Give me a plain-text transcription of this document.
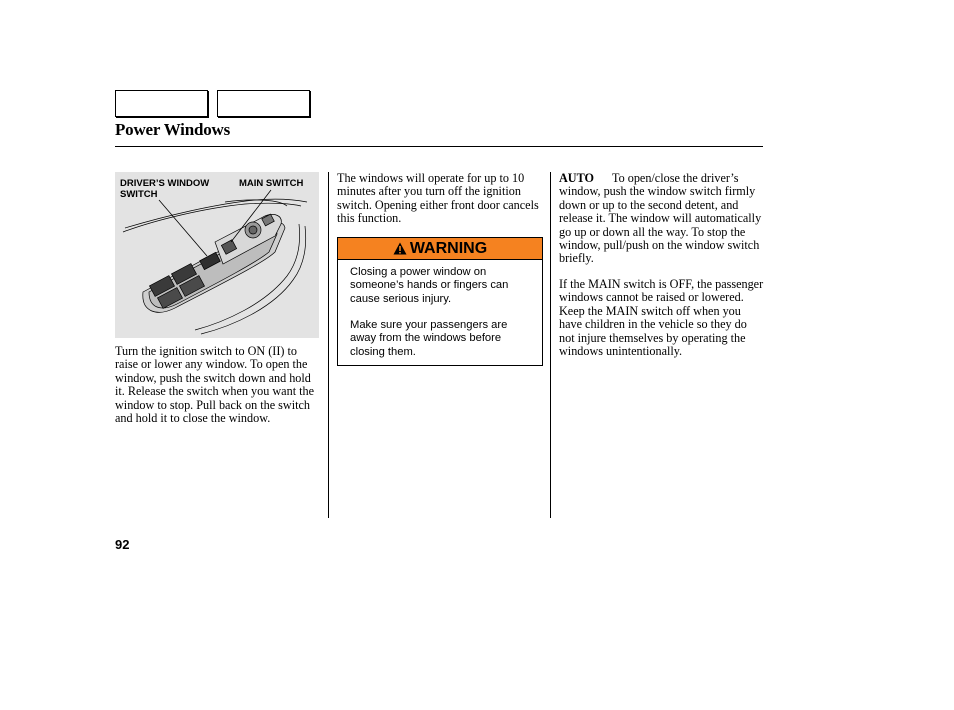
Power Windows
DRIVER’S WINDOW SWITCH
MAIN SWITCH
Turn the ignition switch to ON (II) to raise or lower any window. To open the window, push the switch down and hold it. Release the switch when you want the window to stop. Pull back on the switch and hold it to close the window.
The windows will operate for up to 10 minutes after you turn off the ignition switch. Opening either front door cancels this function.
WARNING

Closing a power window on someone’s hands or fingers can cause serious injury.

Make sure your passengers are away from the windows before closing them.

AUTO To open/close the driver’s window, push the window switch firmly down or up to the second detent, and release it. The window will automatically go up or down all the way. To stop the window, pull/push on the window switch briefly.
If the MAIN switch is OFF, the passenger windows cannot be raised or lowered. Keep the MAIN switch off when you have children in the vehicle so they do not injure themselves by operating the windows unintentionally.
92
